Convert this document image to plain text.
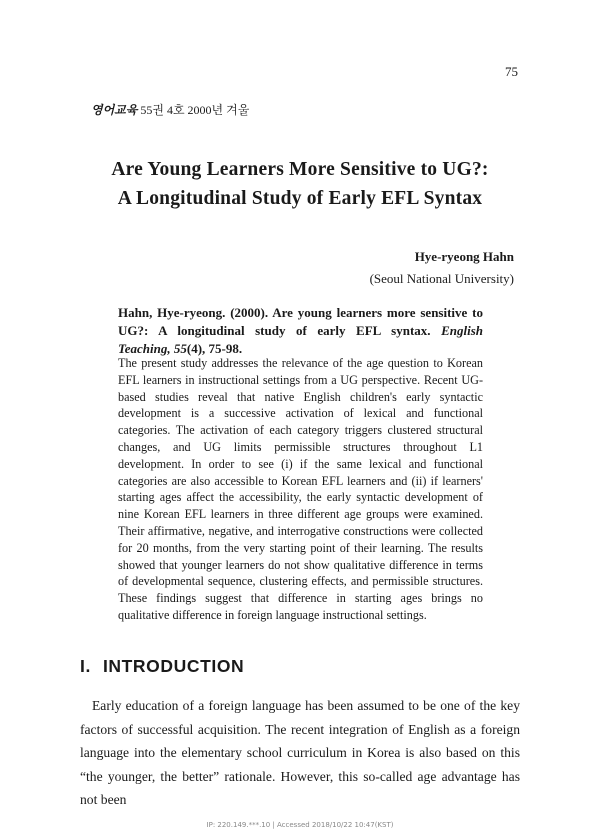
75
영어교육 55권 4호 2000년 겨울
Are Young Learners More Sensitive to UG?:
A Longitudinal Study of Early EFL Syntax
Hye-ryeong Hahn
(Seoul National University)
Hahn, Hye-ryeong. (2000). Are young learners more sensitive to
UG?: A longitudinal study of early EFL syntax. English
Teaching, 55(4), 75-98.
The present study addresses the relevance of the age question to Korean EFL learners in instructional settings from a UG perspective. Recent UG-based studies reveal that native English children's early syntactic development is a successive activation of lexical and functional categories. The activation of each category triggers clustered structural changes, and UG limits permissible structures throughout L1 development. In order to see (i) if the same lexical and functional categories are also accessible to Korean EFL learners and (ii) if learners' starting ages affect the accessibility, the early syntactic development of nine Korean EFL learners in three different age groups were examined. Their affirmative, negative, and interrogative constructions were collected for 20 months, from the very starting point of their learning. The results showed that younger learners do not show qualitative difference in terms of developmental sequence, clustering effects, and permissible structures. These findings suggest that difference in starting ages brings no qualitative difference in foreign language instructional settings.
I. INTRODUCTION
Early education of a foreign language has been assumed to be one of the key factors of successful acquisition. The recent integration of English as a foreign language into the elementary school curriculum in Korea is also based on this “the younger, the better” rationale. However, this so-called age advantage has not been
IP: 220.149.***.10 | Accessed 2018/10/22 10:47(KST)
